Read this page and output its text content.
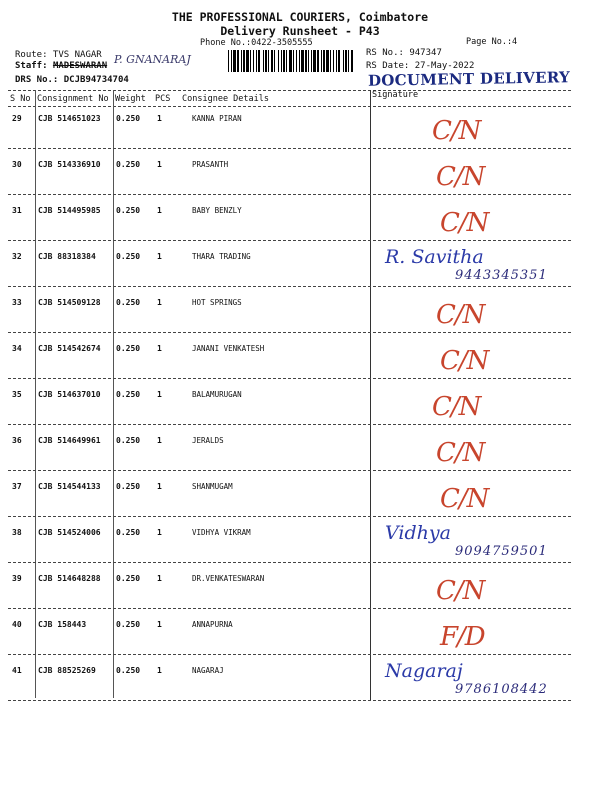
THE PROFESSIONAL COURIERS, Coimbatore
Delivery Runsheet - P43
Phone No.:0422-3505555	Page No.:4
Route: TVS NAGAR
Staff: MADESWARAN P. GNANARAJ
DRS No.: DCJB94734704
RS No.: 947347
RS Date: 27-May-2022
DOCUMENT DELIVERY
S No Consignment No Weight PCS Consignee Details	Signature
29 CJB 514651023 0.250 1	KANNA PIRAN	C/N
30 CJB 514336910 0.250 1	PRASANTH	C/N
31 CJB 514495985 0.250 1	BABY BENZLY	C/N
32 CJB 88318384	0.250 1	THARA TRADING	R. Savitha
9443345351
33 CJB 514509128 0.250 1	HOT SPRINGS	C/N
34 CJB 514542674 0.250 1	JANANI VENKATESH	C/N
35 CJB 514637010 0.250 1	BALAMURUGAN	C/N
36 CJB 514649961 0.250 1	JERALDS	C/N
37 CJB 514544133 0.250 1	SHANMUGAM	C/N
38 CJB 514524006 0.250 1	VIDHYA VIKRAM	Vidhya
9094759501
39 CJB 514648288 0.250 1	DR.VENKATESWARAN	C/N
40 CJB 158443	0.250 1	ANNAPURNA	F/D
41 CJB 88525269	0.250 1	NAGARAJ	Nagaraj
9786108442
